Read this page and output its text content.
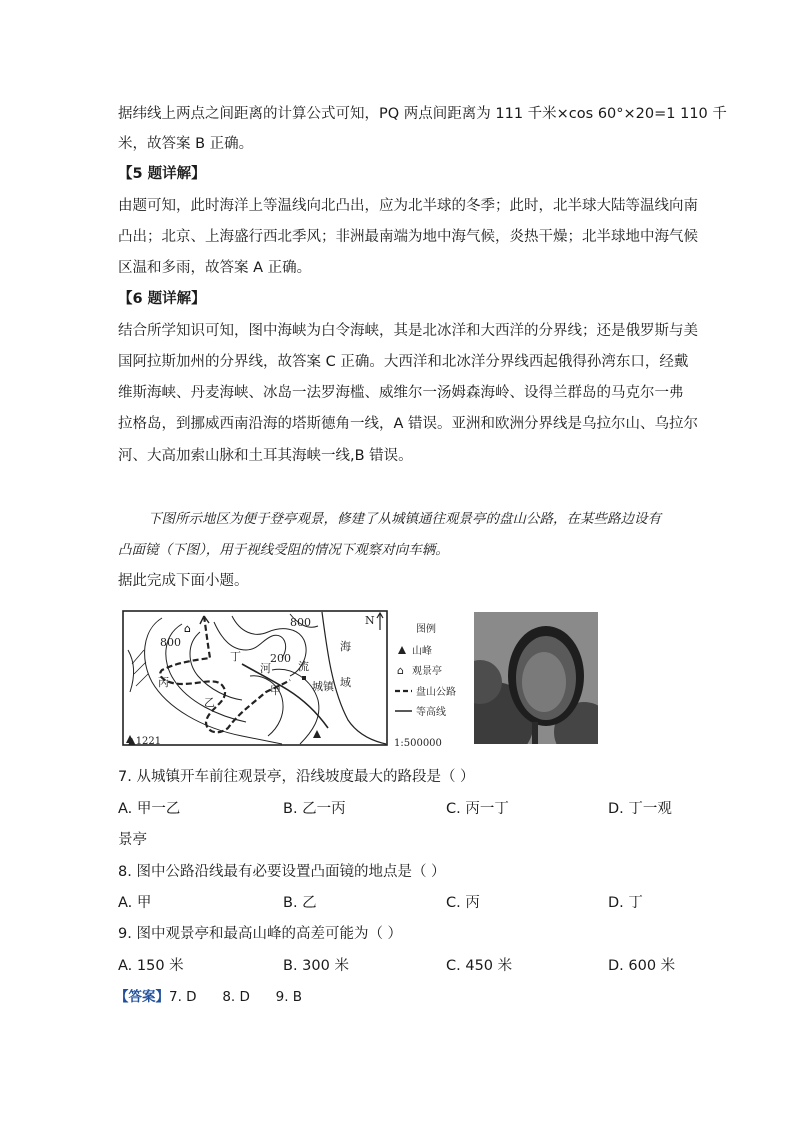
据纬线上两点之间距离的计算公式可知，PQ 两点间距离为 111 千米×cos 60°×20=1 110 千
米，故答案 B 正确。
【5 题详解】
由题可知，此时海洋上等温线向北凸出，应为北半球的冬季；此时，北半球大陆等温线向南
凸出；北京、上海盛行西北季风；非洲最南端为地中海气候，炎热干燥；北半球地中海气候
区温和多雨，故答案 A 正确。
【6 题详解】
结合所学知识可知，图中海峡为白令海峡，其是北冰洋和大西洋的分界线；还是俄罗斯与美
国阿拉斯加州的分界线，故答案 C 正确。大西洋和北冰洋分界线西起俄得孙湾东口，经戴
维斯海峡、丹麦海峡、冰岛一法罗海槛、威维尔一汤姆森海岭、设得兰群岛的马克尔一弗
拉格岛，到挪威西南沿海的塔斯德角一线，A 错误。亚洲和欧洲分界线是乌拉尔山、乌拉尔
河、大高加索山脉和土耳其海峡一线,B 错误。
下图所示地区为便于登亭观景，修建了从城镇通往观景亭的盘山公路，在某些路边设有
凸面镜（下图），用于视线受阻的情况下观察对向车辆。
据此完成下面小题。
⌂
N
800
800
200
甲
乙
丙
丁
河 流
城镇
海
域
▲1221	1:500000
图例
山峰
⌂ 观景亭
盘山公路
等高线
7. 从城镇开车前往观景亭，沿线坡度最大的路段是（ ）
A. 甲一乙	B. 乙一丙	C. 丙一丁	D. 丁一观
景亭
8. 图中公路沿线最有必要设置凸面镜的地点是（ ）
A. 甲	B. 乙	C. 丙	D. 丁
9. 图中观景亭和最高山峰的高差可能为（ ）
A. 150 米	B. 300 米	C. 450 米	D. 600 米
【答案】7. D      8. D      9. B
